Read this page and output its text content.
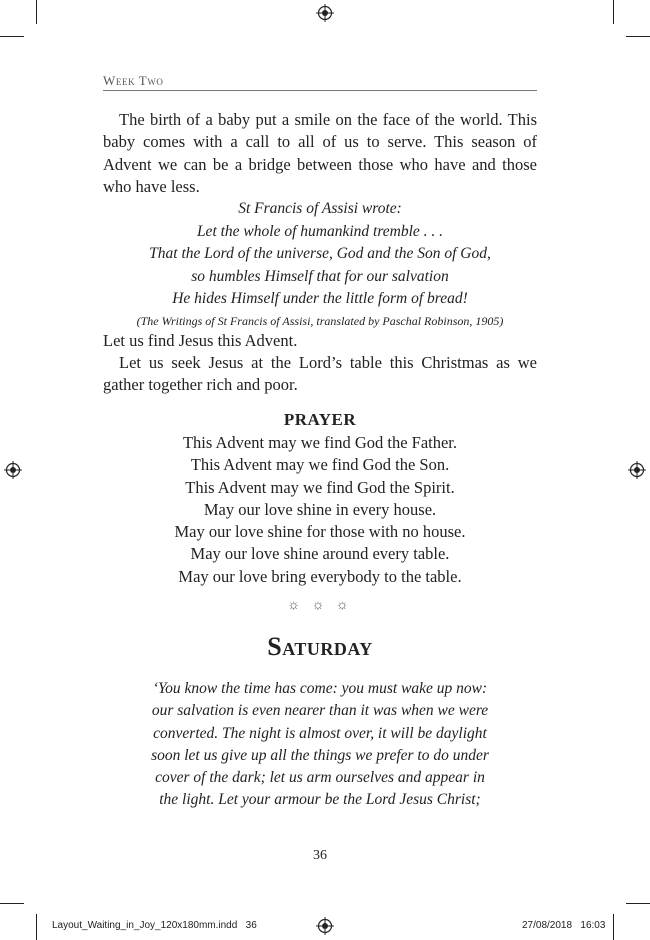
Week Two
The birth of a baby put a smile on the face of the world. This baby comes with a call to all of us to serve. This season of Advent we can be a bridge between those who have and those who have less.
St Francis of Assisi wrote:
Let the whole of humankind tremble . . .
That the Lord of the universe, God and the Son of God,
so humbles Himself that for our salvation
He hides Himself under the little form of bread!
(The Writings of St Francis of Assisi, translated by Paschal Robinson, 1905)
Let us find Jesus this Advent.
Let us seek Jesus at the Lord’s table this Christmas as we gather together rich and poor.
PRAYER
This Advent may we find God the Father.
This Advent may we find God the Son.
This Advent may we find God the Spirit.
May our love shine in every house.
May our love shine for those with no house.
May our love shine around every table.
May our love bring everybody to the table.
☼ ☼ ☼
Saturday
‘You know the time has come: you must wake up now:
our salvation is even nearer than it was when we were
converted. The night is almost over, it will be daylight
soon let us give up all the things we prefer to do under
cover of the dark; let us arm ourselves and appear in
the light. Let your armour be the Lord Jesus Christ;
36
Layout_Waiting_in_Joy_120x180mm.indd   36	27/08/2018   16:03
